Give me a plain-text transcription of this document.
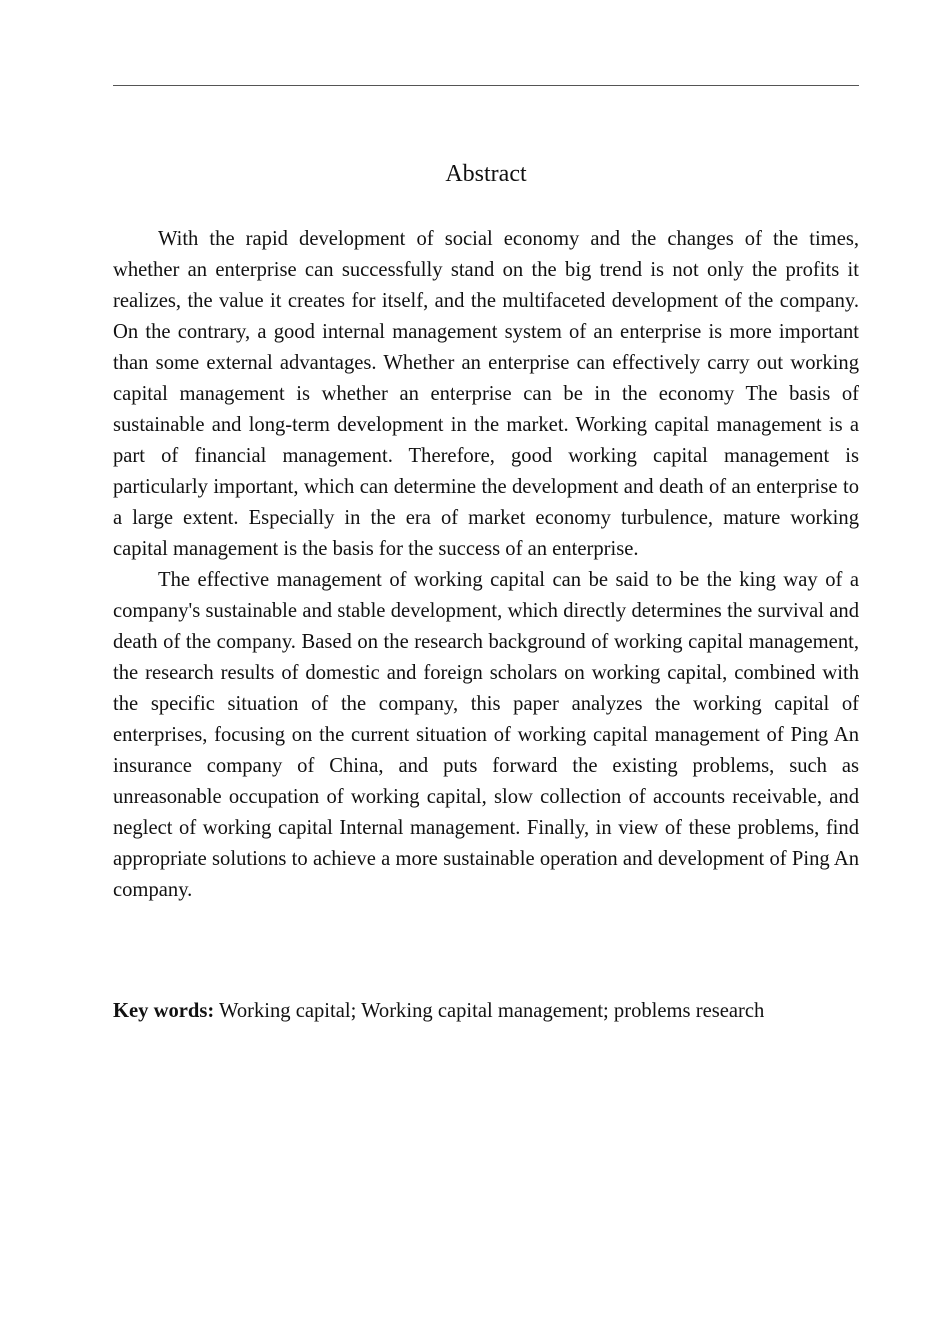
Abstract

With the rapid development of social economy and the changes of the times, whether an enterprise can successfully stand on the big trend is not only the profits it realizes, the value it creates for itself, and the multifaceted development of the company. On the contrary, a good internal management system of an enterprise is more important than some external advantages. Whether an enterprise can effectively carry out working capital management is whether an enterprise can be in the economy The basis of sustainable and long-term development in the market. Working capital management is a part of financial management. Therefore, good working capital management is particularly important, which can determine the development and death of an enterprise to a large extent. Especially in the era of market economy turbulence, mature working capital management is the basis for the success of an enterprise.

The effective management of working capital can be said to be the king way of a company's sustainable and stable development, which directly determines the survival and death of the company. Based on the research background of working capital management, the research results of domestic and foreign scholars on working capital, combined with the specific situation of the company, this paper analyzes the working capital of enterprises, focusing on the current situation of working capital management of Ping An insurance company of China, and puts forward the existing problems, such as unreasonable occupation of working capital, slow collection of accounts receivable, and neglect of working capital Internal management. Finally, in view of these problems, find appropriate solutions to achieve a more sustainable operation and development of Ping An company.

Key words: Working capital; Working capital management; problems research
